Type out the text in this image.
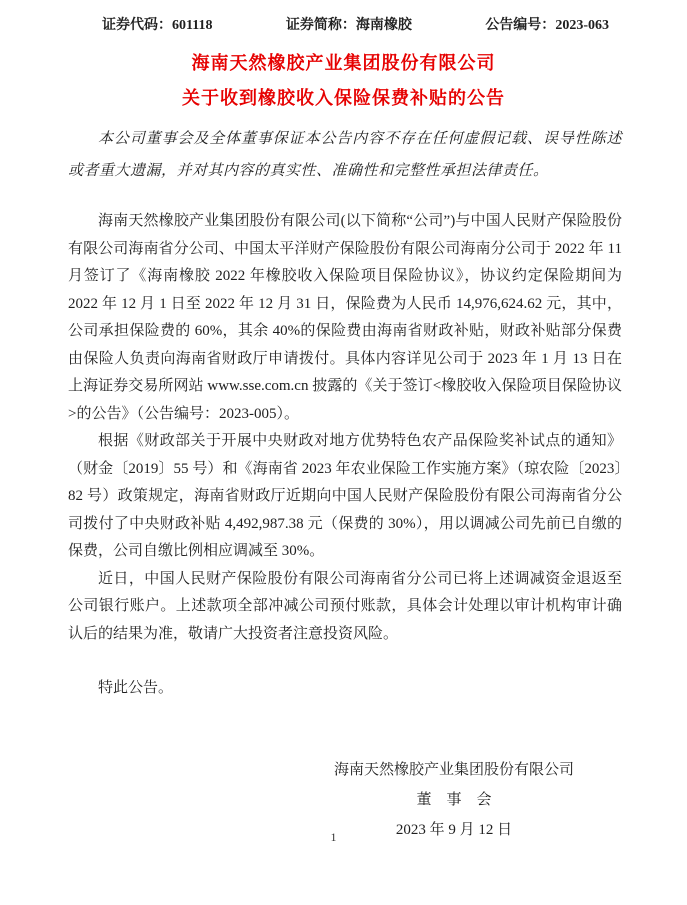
证券代码：601118	证券简称：海南橡胶	公告编号：2023-063
海南天然橡胶产业集团股份有限公司
关于收到橡胶收入保险保费补贴的公告
本公司董事会及全体董事保证本公告内容不存在任何虚假记载、误导性陈述或者重大遗漏，并对其内容的真实性、准确性和完整性承担法律责任。

海南天然橡胶产业集团股份有限公司(以下简称“公司”)与中国人民财产保险股份有限公司海南省分公司、中国太平洋财产保险股份有限公司海南分公司于 2022 年 11 月签订了《海南橡胶 2022 年橡胶收入保险项目保险协议》，协议约定保险期间为 2022 年 12 月 1 日至 2022 年 12 月 31 日，保险费为人民币 14,976,624.62 元，其中，公司承担保险费的 60%，其余 40%的保险费由海南省财政补贴，财政补贴部分保费由保险人负责向海南省财政厅申请拨付。具体内容详见公司于 2023 年 1 月 13 日在上海证券交易所网站 www.sse.com.cn 披露的《关于签订<橡胶收入保险项目保险协议>的公告》（公告编号：2023-005）。

根据《财政部关于开展中央财政对地方优势特色农产品保险奖补试点的通知》（财金〔2019〕55 号）和《海南省 2023 年农业保险工作实施方案》（琼农险〔2023〕82 号）政策规定，海南省财政厅近期向中国人民财产保险股份有限公司海南省分公司拨付了中央财政补贴 4,492,987.38 元（保费的 30%），用以调减公司先前已自缴的保费，公司自缴比例相应调减至 30%。

近日，中国人民财产保险股份有限公司海南省分公司已将上述调减资金退返至公司银行账户。上述款项全部冲减公司预付账款，具体会计处理以审计机构审计确认后的结果为准，敬请广大投资者注意投资风险。

特此公告。
海南天然橡胶产业集团股份有限公司
董　事　会
2023 年 9 月 12 日
1
